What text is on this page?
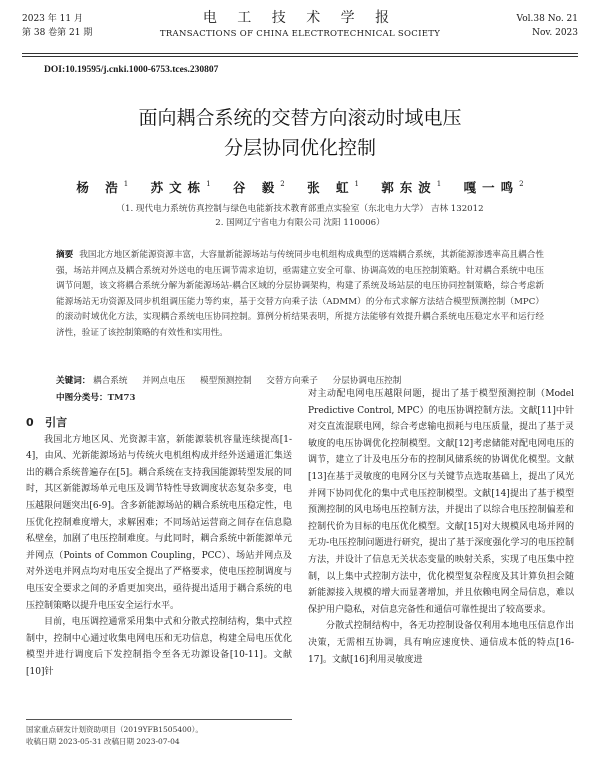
2023 年 11 月
第 38 卷第 21 期
电 工 技 术 学 报
TRANSACTIONS OF CHINA ELECTROTECHNICAL SOCIETY
Vol.38 No. 21
Nov. 2023
DOI:10.19595/j.cnki.1000-6753.tces.230807
面向耦合系统的交替方向滚动时域电压
分层协同优化控制
杨 浩$^1$ 苏文栋$^1$ 谷 毅$^2$ 张 虹$^1$ 郭东波$^1$ 嘎一鸣$^2$
（1. 现代电力系统仿真控制与绿色电能新技术教育部重点实验室（东北电力大学） 吉林 132012
2. 国网辽宁省电力有限公司 沈阳 110006）
摘要 我国北方地区新能源资源丰富，大容量新能源场站与传统同步电机组构成典型的送端耦合系统，其新能源渗透率高且耦合性强，场站并网点及耦合系统对外送电的电压调节需求迫切，亟需建立安全可靠、协调高效的电压控制策略。针对耦合系统中电压调节问题，该文将耦合系统分解为新能源场站-耦合区域的分层协调架构，构建了系统及场站层的电压协同控制策略，综合考虑新能源场站无功资源及同步机组调压能力等约束，基于交替方向乘子法（ADMM）的分布式求解方法结合模型预测控制（MPC）的滚动时域优化方法，实现耦合系统电压协同控制。算例分析结果表明，所提方法能够有效提升耦合系统电压稳定水平和运行经济性，验证了该控制策略的有效性和实用性。
关键词： 耦合系统 并网点电压 模型预测控制 交替方向乘子 分层协调电压控制
中图分类号：TM73

0 引言

我国北方地区风、光资源丰富，新能源装机容量连续提高[1-4]，由风、光新能源场站与传统火电机组构成并经外送通道汇集送出的耦合系统普遍存在[5]。耦合系统在支持我国能源转型发展的同时，其区新能源场单元电压及调节特性导致调度状态复杂多变，电压越限问题突出[6-9]。含多新能源场站的耦合系统电压稳定性，电压优化控制难度增大，求解困难；不同场站运营商之间存在信息隐私壁垒，加剧了电压控制难度。与此同时，耦合系统中新能源单元并网点（Points of Common Coupling，PCC）、场站并网点及对外送电并网点均对电压安全提出了严格要求，使电压控制调度与电压安全要求之间的矛盾更加突出，亟待提出适用于耦合系统的电压控制策略以提升电压安全运行水平。

目前，电压调控通常采用集中式和分散式控制结构，集中式控制中，控制中心通过收集电网电压和无功信息，构建全局电压优化模型并进行调度后下发控制指令至各无功源设备[10-11]。文献[10]针

对主动配电网电压越限问题，提出了基于模型预测控制（Model Predictive Control, MPC）的电压协调控制方法。文献[11]中针对交直流混联电网，综合考虑输电损耗与电压质量，提出了基于灵敏度的电压协调优化控制模型。文献[12]考虑储能对配电网电压的调节，建立了计及电压分布的控制风储系统的协调优化模型。文献[13]在基于灵敏度的电网分区与关键节点选取基础上，提出了风光并网下协同优化的集中式电压控制模型。文献[14]提出了基于模型预测控制的风电场电压控制方法，并提出了以综合电压控制偏差和控制代价为目标的电压优化模型。文献[15]对大规模风电场并网的无功-电压控制问题进行研究，提出了基于深度强化学习的电压控制方法，并设计了信息无关状态变量的映射关系，实现了电压集中控制，以上集中式控制方法中，优化模型复杂程度及其计算负担会随新能源接入规模的增大而显著增加，并且依赖电网全局信息，难以保护用户隐私，对信息完备性和通信可靠性提出了较高要求。

分散式控制结构中，各无功控制设备仅利用本地电压信息作出决策，无需相互协调，具有响应速度快、通信成本低的特点[16-17]。文献[16]利用灵敏度进

国家重点研发计划资助项目（2019YFB1505400）。
收稿日期 2023-05-31 改稿日期 2023-07-04
